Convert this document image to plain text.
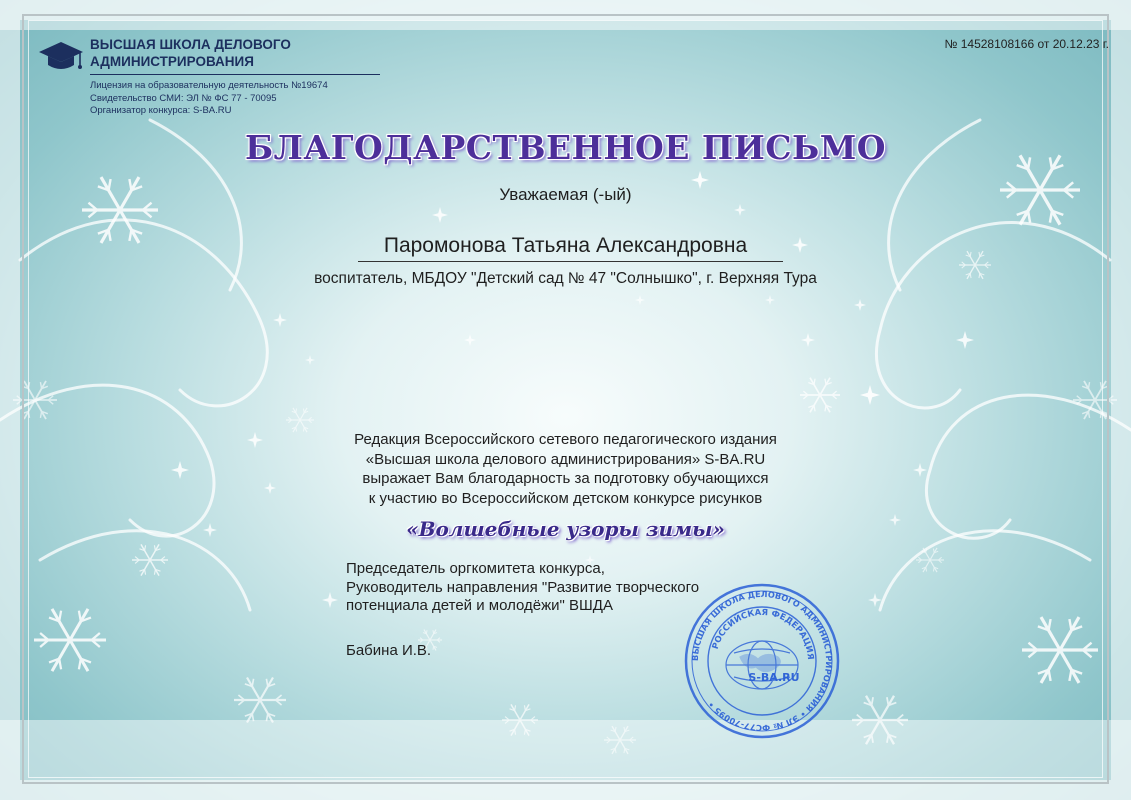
ВЫСШАЯ ШКОЛА ДЕЛОВОГО АДМИНИСТРИРОВАНИЯ
Лицензия на образовательную деятельность №19674
Свидетельство СМИ: ЭЛ № ФС 77 - 70095
Организатор конкурса: S-BA.RU
№ 14528108166 от 20.12.23 г.
БЛАГОДАРСТВЕННОЕ ПИСЬМО
Уважаемая (-ый)
Паромонова Татьяна Александровна
воспитатель, МБДОУ "Детский сад № 47 "Солнышко", г. Верхняя Тура
Редакция Всероссийского сетевого педагогического издания
«Высшая школа делового администрирования» S-BA.RU
выражает Вам благодарность за подготовку обучающихся
к участию во Всероссийском детском конкурсе рисунков
«Волшебные узоры зимы»
Председатель оргкомитета конкурса,
Руководитель направления "Развитие творческого
потенциала детей и молодёжи" ВШДА
Бабина И.В.	ВЫСШАЯ ШКОЛА ДЕЛОВОГО АДМИНИСТРИРОВАНИЯ • ЭЛ № ФС77-70095 •
РОССИЙСКАЯ ФЕДЕРАЦИЯ
S-BA.RU
